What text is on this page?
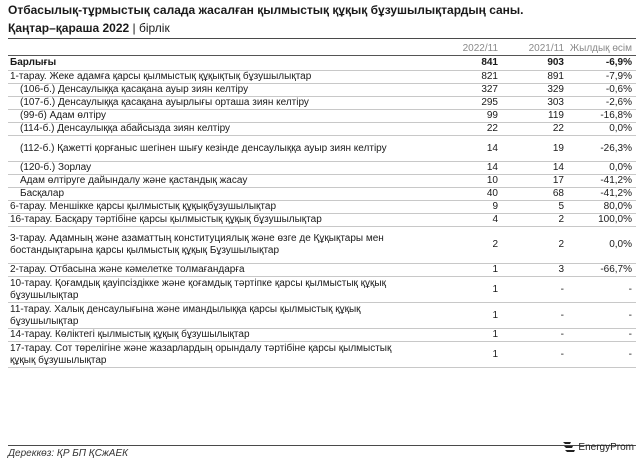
Отбасылық-тұрмыстық салада жасалған қылмыстық құқық бұзушылықтардың саны.
Қаңтар–қараша 2022 | бірлік
	2022/11	2021/11	Жылдық өсім
Барлығы	841	903	-6,9%
1-тарау. Жеке адамға қарсы қылмыстық құқықтық бұзушылықтар	821	891	-7,9%
(106-б.) Денсаулыққа қасақана ауыр зиян келтіру	327	329	-0,6%
(107-б.) Денсаулыққа қасақана ауырлығы орташа зиян келтіру	295	303	-2,6%
(99-б) Адам өлтіру	99	119	-16,8%
(114-б.) Денсаулыққа абайсызда зиян келтіру	22	22	0,0%
(112-б.) Қажетті қорғаныс шегінен шығу кезінде денсаулыққа ауыр зиян келтіру	14	19	-26,3%
(120-б.) Зорлау	14	14	0,0%
Адам өлтіруге дайындалу және қастандық жасау	10	17	-41,2%
Басқалар	40	68	-41,2%
6-тарау. Меншікке қарсы қылмыстық құқықбұзушылықтар	9	5	80,0%
16-тарау. Басқару тәртібіне қарсы қылмыстық құқық бұзушылықтар	4	2	100,0%
3-тарау. Адамның және азаматтың конституциялық және өзге де Құқықтары мен бостандықтарына қарсы қылмыстық құқық Бұзушылықтар	2	2	0,0%
2-тарау. Отбасына және кәмелетке толмағандарға	1	3	-66,7%
10-тарау. Қоғамдық қауіпсіздікке және қоғамдық тәртіпке қарсы қылмыстық құқық бұзушылықтар	1	-	-
11-тарау. Халық денсаулығына және имандылыққа қарсы қылмыстық құқық бұзушылықтар	1	-	-
14-тарау. Көліктегі қылмыстық құқық бұзушылықтар	1	-	-
17-тарау. Сот төрелігіне және жазарлардың орындалу тәртібіне қарсы қылмыстық құқық бұзушылықтар	1	-	-
Дереккөз: ҚР БП ҚСжАЕК
EnergyProm
